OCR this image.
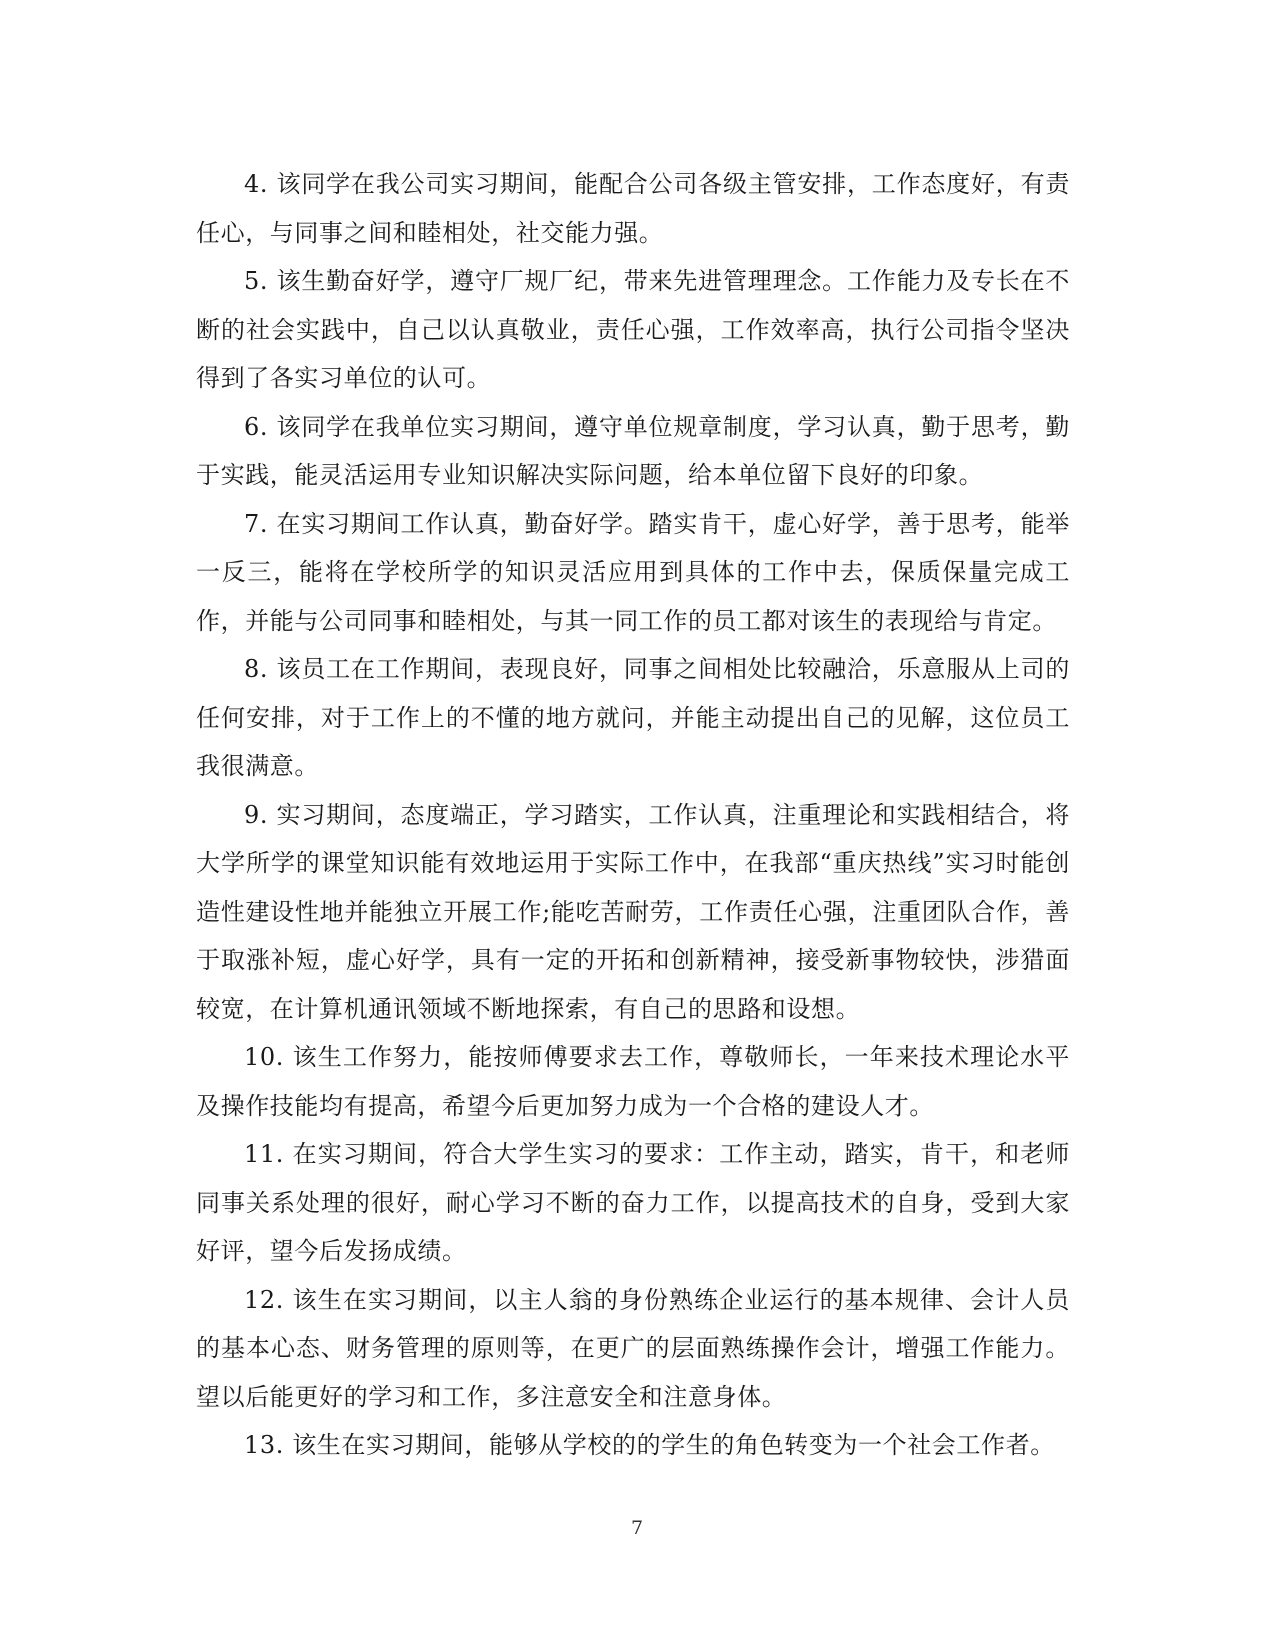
4. 该同学在我公司实习期间，能配合公司各级主管安排，工作态度好，有责任心，与同事之间和睦相处，社交能力强。

5. 该生勤奋好学，遵守厂规厂纪，带来先进管理理念。工作能力及专长在不断的社会实践中，自己以认真敬业，责任心强，工作效率高，执行公司指令坚决得到了各实习单位的认可。

6. 该同学在我单位实习期间，遵守单位规章制度，学习认真，勤于思考，勤于实践，能灵活运用专业知识解决实际问题，给本单位留下良好的印象。

7. 在实习期间工作认真，勤奋好学。踏实肯干，虚心好学，善于思考，能举一反三，能将在学校所学的知识灵活应用到具体的工作中去，保质保量完成工作，并能与公司同事和睦相处，与其一同工作的员工都对该生的表现给与肯定。

8. 该员工在工作期间，表现良好，同事之间相处比较融洽，乐意服从上司的任何安排，对于工作上的不懂的地方就问，并能主动提出自己的见解，这位员工我很满意。

9. 实习期间，态度端正，学习踏实，工作认真，注重理论和实践相结合，将大学所学的课堂知识能有效地运用于实际工作中，在我部“重庆热线”实习时能创造性建设性地并能独立开展工作;能吃苦耐劳，工作责任心强，注重团队合作，善于取涨补短，虚心好学，具有一定的开拓和创新精神，接受新事物较快，涉猎面较宽，在计算机通讯领域不断地探索，有自己的思路和设想。

10. 该生工作努力，能按师傅要求去工作，尊敬师长，一年来技术理论水平及操作技能均有提高，希望今后更加努力成为一个合格的建设人才。

11. 在实习期间，符合大学生实习的要求：工作主动，踏实，肯干，和老师同事关系处理的很好，耐心学习不断的奋力工作，以提高技术的自身，受到大家好评，望今后发扬成绩。

12. 该生在实习期间，以主人翁的身份熟练企业运行的基本规律、会计人员的基本心态、财务管理的原则等，在更广的层面熟练操作会计，增强工作能力。望以后能更好的学习和工作，多注意安全和注意身体。

13. 该生在实习期间，能够从学校的的学生的角色转变为一个社会工作者。

7
